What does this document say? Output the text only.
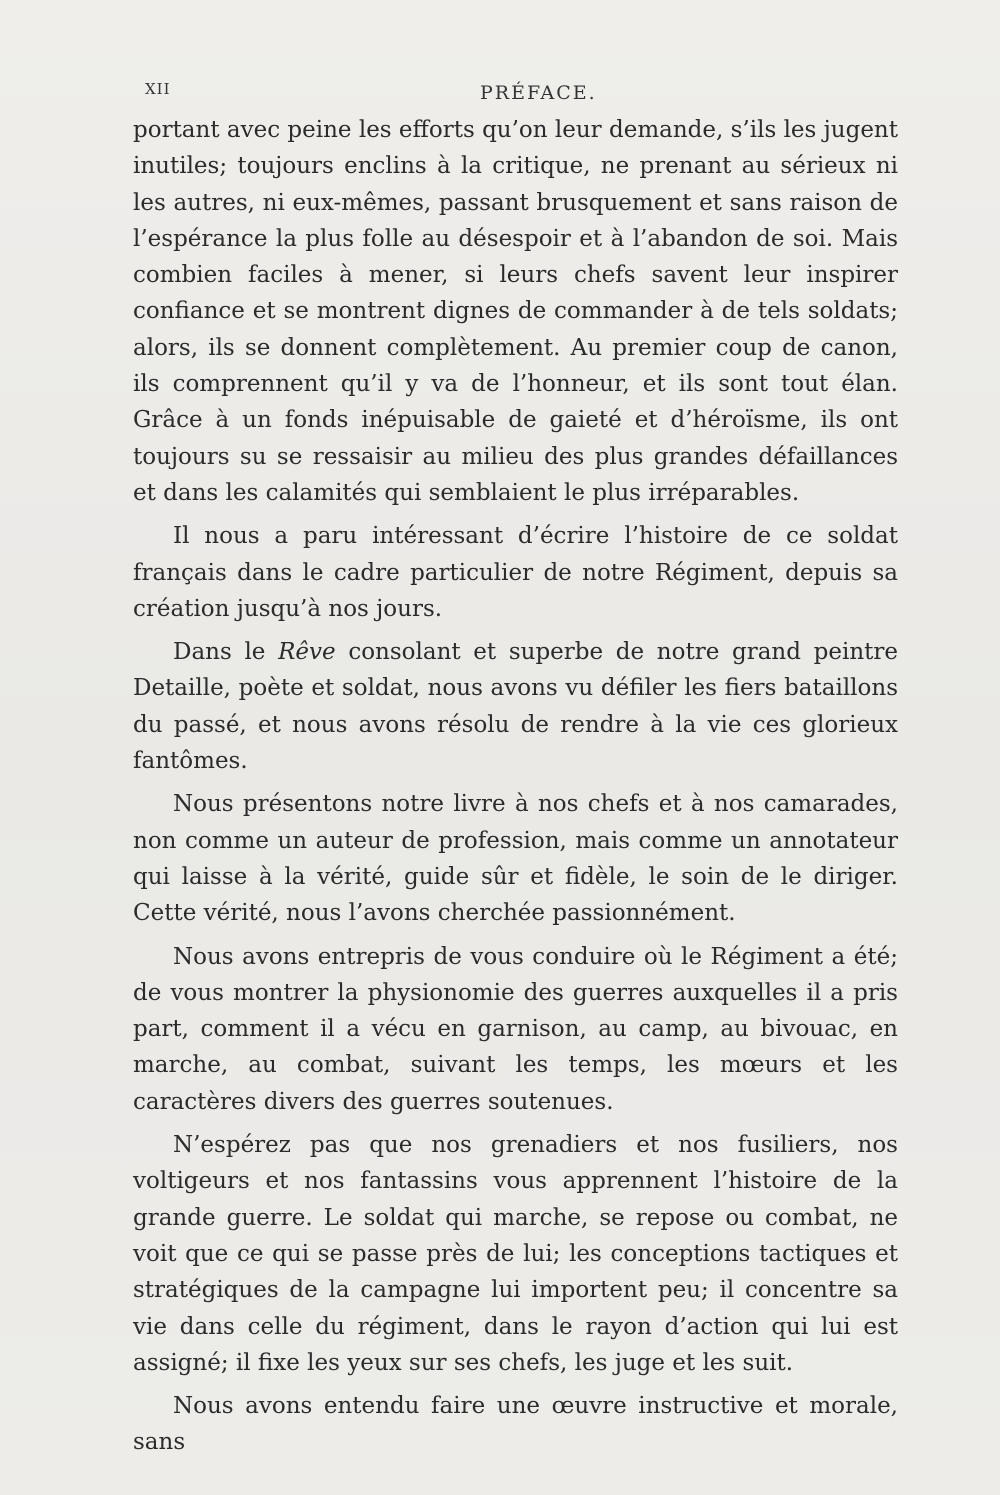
XII	PRÉFACE.

portant avec peine les efforts qu’on leur demande, s’ils les jugent inutiles; toujours enclins à la critique, ne prenant au sérieux ni les autres, ni eux-mêmes, passant brusquement et sans raison de l’espérance la plus folle au désespoir et à l’abandon de soi. Mais combien faciles à mener, si leurs chefs savent leur inspirer confiance et se montrent dignes de commander à de tels soldats; alors, ils se donnent complètement. Au premier coup de canon, ils comprennent qu’il y va de l’honneur, et ils sont tout élan. Grâce à un fonds inépuisable de gaieté et d’héroïsme, ils ont toujours su se ressaisir au milieu des plus grandes défaillances et dans les calamités qui semblaient le plus irréparables.

Il nous a paru intéressant d’écrire l’histoire de ce soldat français dans le cadre particulier de notre Régiment, depuis sa création jusqu’à nos jours.

Dans le Rêve consolant et superbe de notre grand peintre Detaille, poète et soldat, nous avons vu défiler les fiers bataillons du passé, et nous avons résolu de rendre à la vie ces glorieux fantômes.

Nous présentons notre livre à nos chefs et à nos camarades, non comme un auteur de profession, mais comme un annotateur qui laisse à la vérité, guide sûr et fidèle, le soin de le diriger. Cette vérité, nous l’avons cherchée passionnément.

Nous avons entrepris de vous conduire où le Régiment a été; de vous montrer la physionomie des guerres auxquelles il a pris part, comment il a vécu en garnison, au camp, au bivouac, en marche, au combat, suivant les temps, les mœurs et les caractères divers des guerres soutenues.

N’espérez pas que nos grenadiers et nos fusiliers, nos voltigeurs et nos fantassins vous apprennent l’histoire de la grande guerre. Le soldat qui marche, se repose ou combat, ne voit que ce qui se passe près de lui; les conceptions tactiques et stratégiques de la campagne lui importent peu; il concentre sa vie dans celle du régiment, dans le rayon d’action qui lui est assigné; il fixe les yeux sur ses chefs, les juge et les suit.

Nous avons entendu faire une œuvre instructive et morale, sans
